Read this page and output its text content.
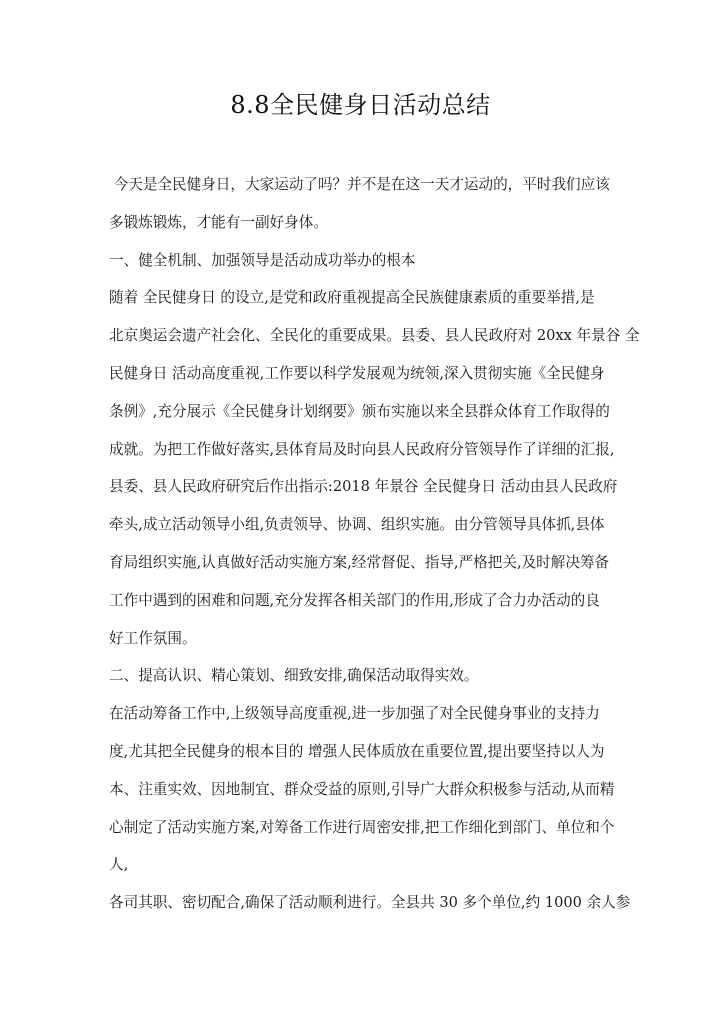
8.8全民健身日活动总结
今天是全民健身日，大家运动了吗？并不是在这一天才运动的，平时我们应该
多锻炼锻炼，才能有一副好身体。
一、健全机制、加强领导是活动成功举办的根本
随着 全民健身日 的设立,是党和政府重视提高全民族健康素质的重要举措,是
北京奥运会遗产社会化、全民化的重要成果。县委、县人民政府对 20xx 年景谷 全
民健身日 活动高度重视,工作要以科学发展观为统领,深入贯彻实施《全民健身
条例》,充分展示《全民健身计划纲要》颁布实施以来全县群众体育工作取得的
成就。为把工作做好落实,县体育局及时向县人民政府分管领导作了详细的汇报,
县委、县人民政府研究后作出指示:2018 年景谷 全民健身日 活动由县人民政府
牵头,成立活动领导小组,负责领导、协调、组织实施。由分管领导具体抓,县体
育局组织实施,认真做好活动实施方案,经常督促、指导,严格把关,及时解决筹备
工作中遇到的困难和问题,充分发挥各相关部门的作用,形成了合力办活动的良
好工作氛围。
二、提高认识、精心策划、细致安排,确保活动取得实效。
在活动筹备工作中,上级领导高度重视,进一步加强了对全民健身事业的支持力
度,尤其把全民健身的根本目的 增强人民体质放在重要位置,提出要坚持以人为
本、注重实效、因地制宜、群众受益的原则,引导广大群众积极参与活动,从而精
心制定了活动实施方案,对筹备工作进行周密安排,把工作细化到部门、单位和个
人,
各司其职、密切配合,确保了活动顺利进行。全县共 30 多个单位,约 1000 余人参
